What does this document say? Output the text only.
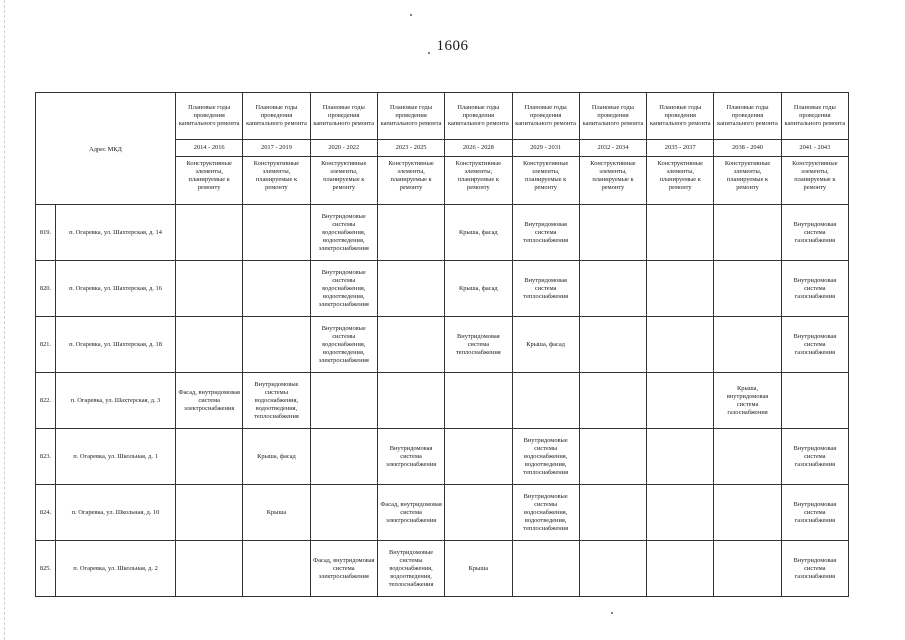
1606
Адрес МКД		Плановые годы проведения капитального ремонта	Плановые годы проведения капитального ремонта	Плановые годы проведения капитального ремонта	Плановые годы проведения капитального ремонта	Плановые годы проведения капитального ремонта	Плановые годы проведения капитального ремонта	Плановые годы проведения капитального ремонта	Плановые годы проведения капитального ремонта	Плановые годы проведения капитального ремонта	Плановые годы проведения капитального ремонта
		2014 - 2016	2017 - 2019	2020 - 2022	2023 - 2025	2026 - 2028	2029 - 2031	2032 - 2034	2035 - 2037	2038 - 2040	2041 - 2043
		Конструктивные элементы, планируемые к ремонту	Конструктивные элементы, планируемые к ремонту	Конструктивные элементы, планируемые к ремонту	Конструктивные элементы, планируемые к ремонту	Конструктивные элементы, планируемые к ремонту	Конструктивные элементы, планируемые к ремонту	Конструктивные элементы, планируемые к ремонту	Конструктивные элементы, планируемые к ремонту	Конструктивные элементы, планируемые к ремонту	Конструктивные элементы, планируемые к ремонту
819.	п. Огаревка, ул. Шахтерская, д. 14			Внутридомовые системы водоснабжения, водоотведения, электроснабжения		Крыша, фасад	Внутридомовая система теплоснабжения				Внутридомовая система газоснабжения
820.	п. Огаревка, ул. Шахтерская, д. 16			Внутридомовые системы водоснабжения, водоотведения, электроснабжения		Крыша, фасад	Внутридомовая система теплоснабжения				Внутридомовая система газоснабжения
821.	п. Огаревка, ул. Шахтерская, д. 18			Внутридомовые системы водоснабжения, водоотведения, электроснабжения		Внутридомовая система теплоснабжения	Крыша, фасад				Внутридомовая система газоснабжения
822.	п. Огаревка, ул. Шахтерская, д. 3	Фасад, внутридомовая система электроснабжения	Внутридомовые системы водоснабжения, водоотведения, теплоснабжения							Крыша, внутридомовая система газоснабжения	
823.	п. Огаревка, ул. Школьная, д. 1		Крыша, фасад		Внутридомовая система электроснабжения		Внутридомовые системы водоснабжения, водоотведения, теплоснабжения				Внутридомовая система газоснабжения
824.	п. Огаревка, ул. Школьная, д. 10		Крыша		Фасад, внутридомовая система электроснабжения		Внутридомовые системы водоснабжения, водоотведения, теплоснабжения				Внутридомовая система газоснабжения
825.	п. Огаревка, ул. Школьная, д. 2			Фасад, внутридомовая система электроснабжения	Внутридомовые системы водоснабжения, водоотведения, теплоснабжения	Крыша					Внутридомовая система газоснабжения
